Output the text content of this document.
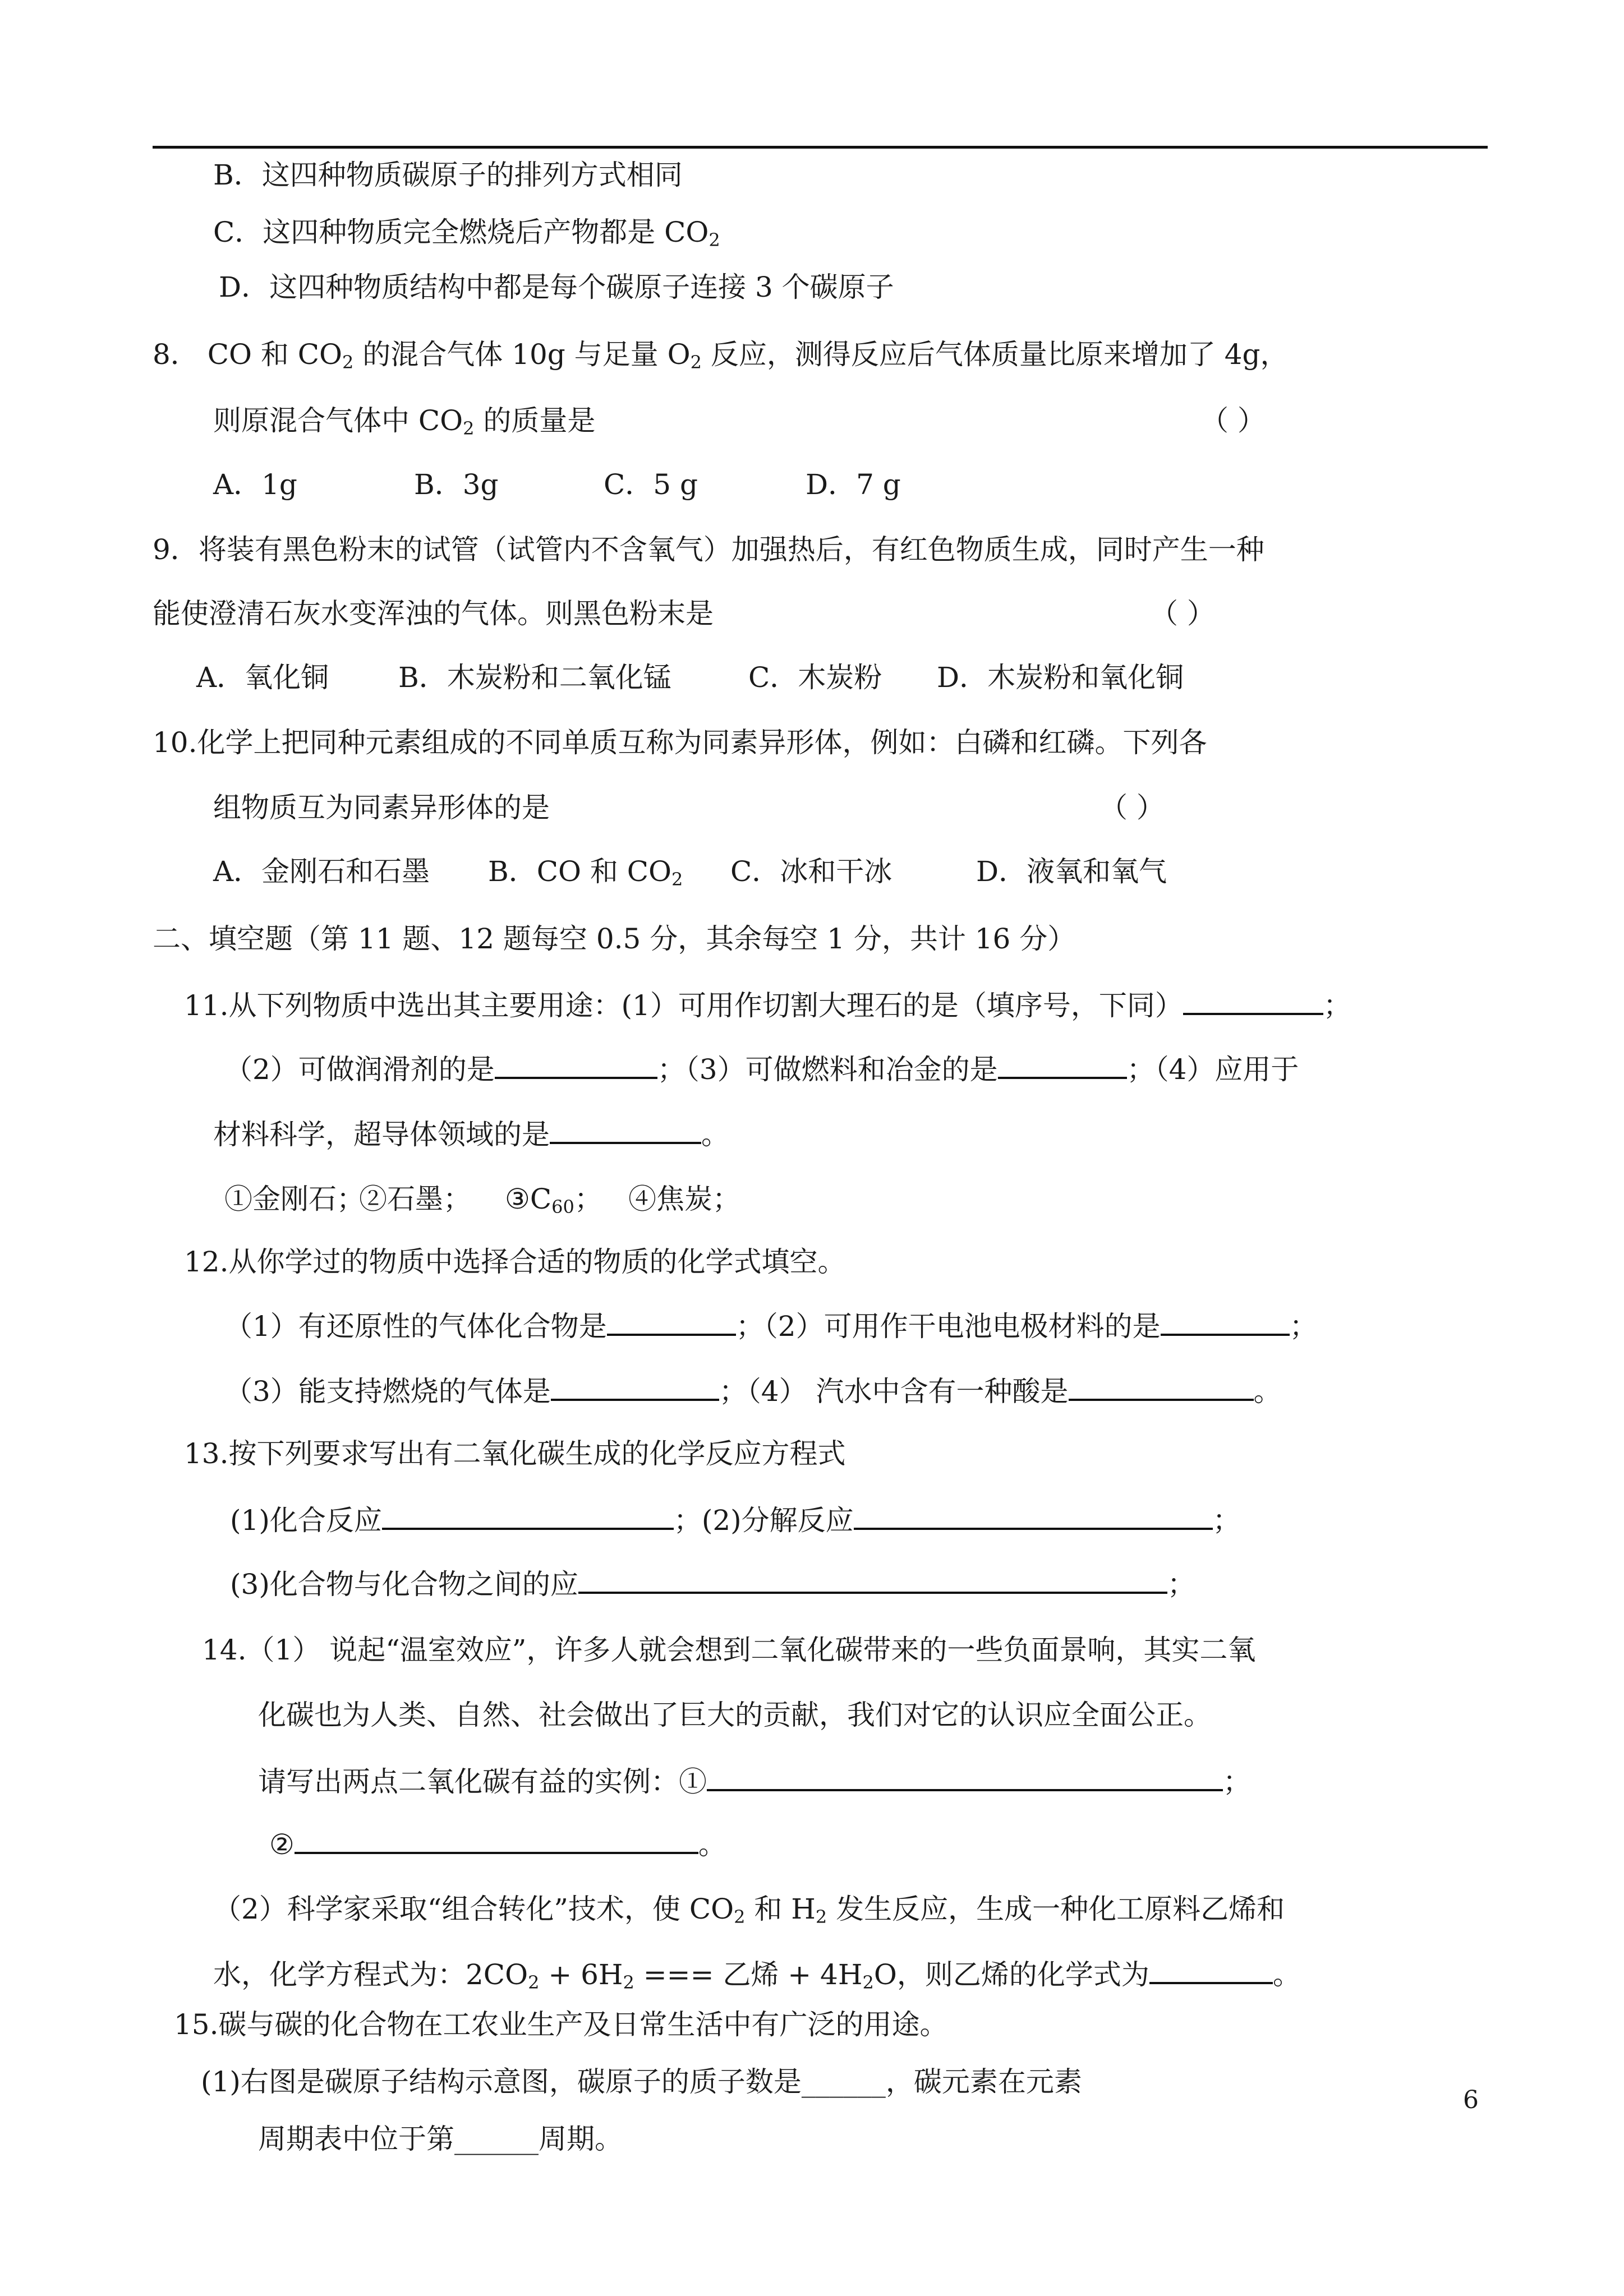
B．这四种物质碳原子的排列方式相同
C．这四种物质完全燃烧后产物都是 $CO_2$
D．这四种物质结构中都是每个碳原子连接 3 个碳原子
8． CO 和 $CO_2$ 的混合气体 10g 与足量 $O_2$ 反应，测得反应后气体质量比原来增加了 4g，
则原混合气体中 $CO_2$ 的质量是	（ ）
A．1g	B．3g	C．5 g	D．7 g
9．将装有黑色粉末的试管（试管内不含氧气）加强热后，有红色物质生成，同时产生一种
能使澄清石灰水变浑浊的气体。则黑色粉末是	（ ）
A．氧化铜 B．木炭粉和二氧化锰	C．木炭粉 D．木炭粉和氧化铜
10.化学上把同种元素组成的不同单质互称为同素异形体，例如：白磷和红磷。下列各
组物质互为同素异形体的是	（ ）
A．金刚石和石墨 B．CO 和 $CO_2$ C．冰和干冰	D．液氧和氧气
二、填空题（第 11 题、12 题每空 0.5 分，其余每空 1 分，共计 16 分）
11.从下列物质中选出其主要用途：(1）可用作切割大理石的是（填序号，下同）	；
（2）可做润滑剂的是	；（3）可做燃料和冶金的是	；（4）应用于
材料科学，超导体领域的是	。
①金刚石；
②石墨； $③C_{60}$； ④焦炭；
12.从你学过的物质中选择合适的物质的化学式填空。
（1）有还原性的气体化合物是	；（2）可用作干电池电极材料的是	；
（3）能支持燃烧的气体是	；（4） 汽水中含有一种酸是	。
13.按下列要求写出有二氧化碳生成的化学反应方程式
(1)化合反应	；(2)分解反应	；
(3)化合物与化合物之间的应	；
14.（1） 说起“温室效应”，许多人就会想到二氧化碳带来的一些负面景响，其实二氧
化碳也为人类、自然、社会做出了巨大的贡献，我们对它的认识应全面公正。
请写出两点二氧化碳有益的实例：①	；
②	。
（2）科学家采取“组合转化”技术，使 $CO_2$ 和 $H_2$ 发生反应，生成一种化工原料乙烯和
水，化学方程式为：$2CO_2 + 6H_2$ === 乙烯 + $4H_2O$，则乙烯的化学式为	。
15.碳与碳的化合物在工农业生产及日常生活中有广泛的用途。
(1)右图是碳原子结构示意图，碳原子的质子数是______，碳元素在元素
周期表中位于第______周期。
6
